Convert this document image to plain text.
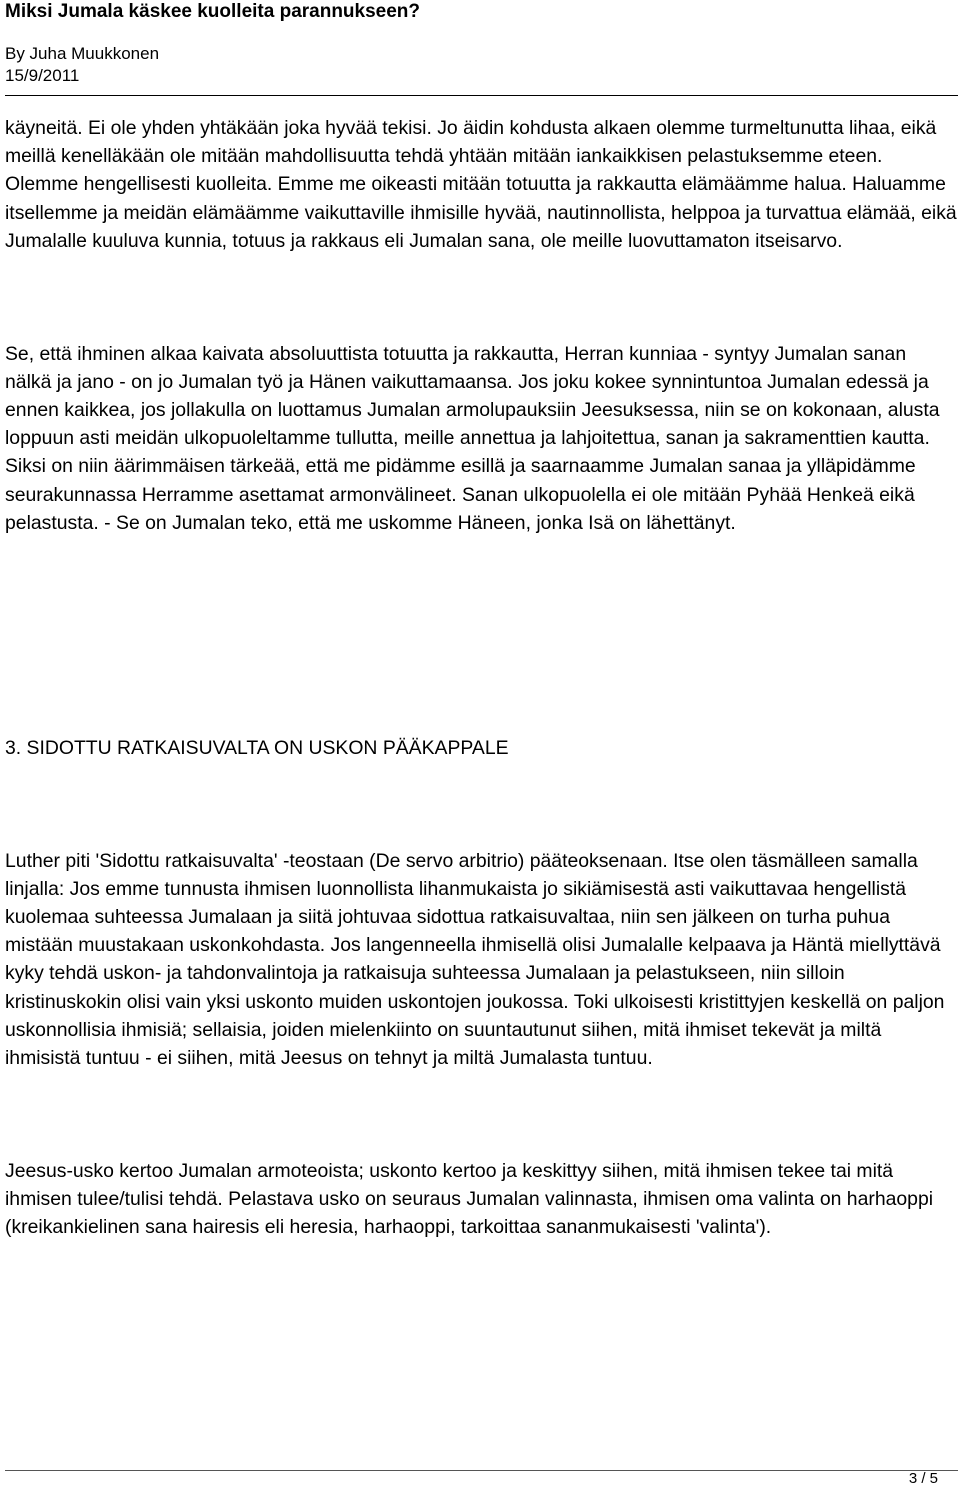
Miksi Jumala käskee kuolleita parannukseen?
By Juha Muukkonen
15/9/2011

käyneitä. Ei ole yhden yhtäkään joka hyvää tekisi. Jo äidin kohdusta alkaen olemme turmeltunutta lihaa, eikä meillä kenelläkään ole mitään mahdollisuutta tehdä yhtään mitään iankaikkisen pelastuksemme eteen. Olemme hengellisesti kuolleita. Emme me oikeasti mitään totuutta ja rakkautta elämäämme halua. Haluamme itsellemme ja meidän elämäämme vaikuttaville ihmisille hyvää, nautinnollista, helppoa ja turvattua elämää, eikä Jumalalle kuuluva kunnia, totuus ja rakkaus eli Jumalan sana, ole meille luovuttamaton itseisarvo.

Se, että ihminen alkaa kaivata absoluuttista totuutta ja rakkautta, Herran kunniaa - syntyy Jumalan sanan nälkä ja jano - on jo Jumalan työ ja Hänen vaikuttamaansa. Jos joku kokee synnintuntoa Jumalan edessä ja ennen kaikkea, jos jollakulla on luottamus Jumalan armolupauksiin Jeesuksessa, niin se on kokonaan, alusta loppuun asti meidän ulkopuoleltamme tullutta, meille annettua ja lahjoitettua, sanan ja sakramenttien kautta. Siksi on niin äärimmäisen tärkeää, että me pidämme esillä ja saarnaamme Jumalan sanaa ja ylläpidämme seurakunnassa Herramme asettamat armonvälineet. Sanan ulkopuolella ei ole mitään Pyhää Henkeä eikä pelastusta. - Se on Jumalan teko, että me uskomme Häneen, jonka Isä on lähettänyt.

3. SIDOTTU RATKAISUVALTA ON USKON PÄÄKAPPALE

Luther piti 'Sidottu ratkaisuvalta' -teostaan (De servo arbitrio) pääteoksenaan. Itse olen täsmälleen samalla linjalla: Jos emme tunnusta ihmisen luonnollista lihanmukaista jo sikiämisestä asti vaikuttavaa hengellistä kuolemaa suhteessa Jumalaan ja siitä johtuvaa sidottua ratkaisuvaltaa, niin sen jälkeen on turha puhua mistään muustakaan uskonkohdasta. Jos langenneella ihmisellä olisi Jumalalle kelpaava ja Häntä miellyttävä kyky tehdä uskon- ja tahdonvalintoja ja ratkaisuja suhteessa Jumalaan ja pelastukseen, niin silloin kristinuskokin olisi vain yksi uskonto muiden uskontojen joukossa. Toki ulkoisesti kristittyjen keskellä on paljon uskonnollisia ihmisiä; sellaisia, joiden mielenkiinto on suuntautunut siihen, mitä ihmiset tekevät ja miltä ihmisistä tuntuu - ei siihen, mitä Jeesus on tehnyt ja miltä Jumalasta tuntuu.

Jeesus-usko kertoo Jumalan armoteoista; uskonto kertoo ja keskittyy siihen, mitä ihmisen tekee tai mitä ihmisen tulee/tulisi tehdä. Pelastava usko on seuraus Jumalan valinnasta, ihmisen oma valinta on harhaoppi (kreikankielinen sana hairesis eli heresia, harhaoppi, tarkoittaa sananmukaisesti 'valinta').

3 / 5
